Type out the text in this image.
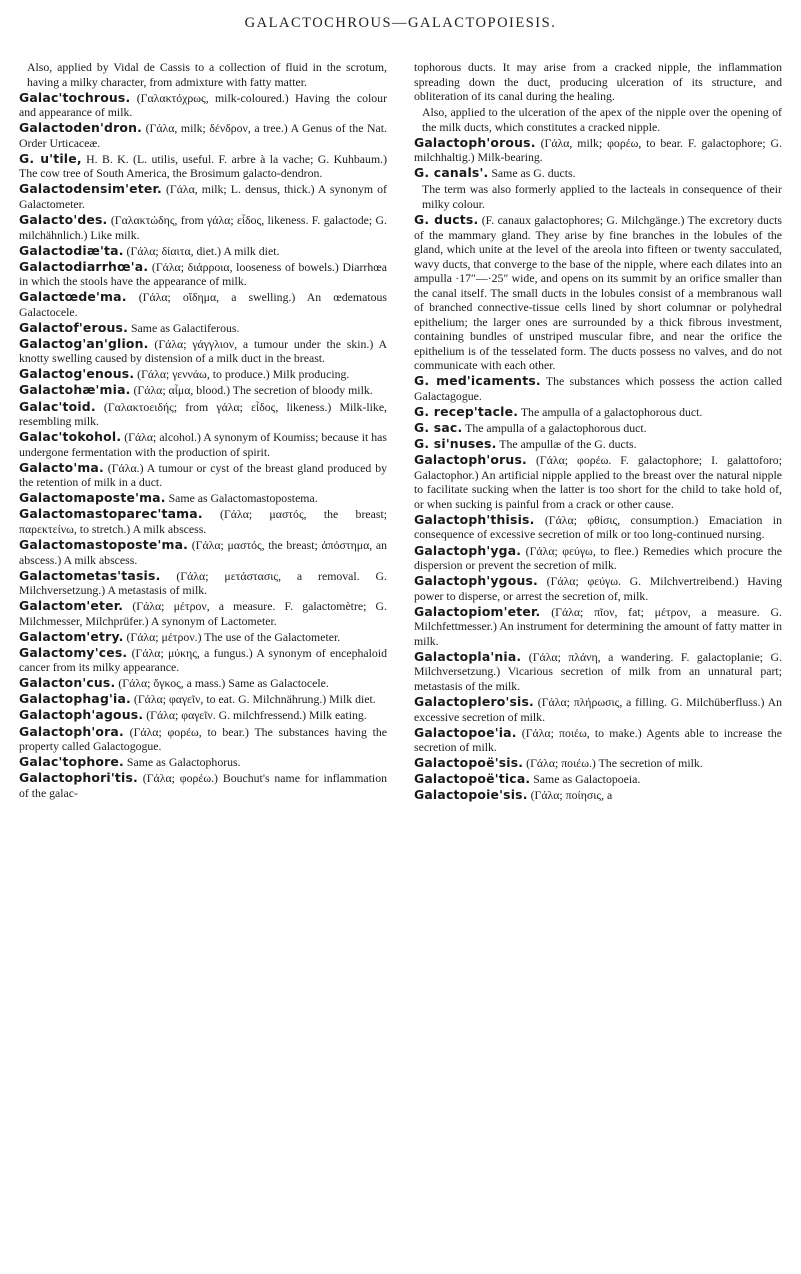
GALACTOCHROUS—GALACTOPOIESIS.

Also, applied by Vidal de Cassis to a collection of fluid in the scrotum, having a milky character, from admixture with fatty matter.

Galac'tochrous. (Γαλακτόχρως, milk-coloured.) Having the colour and appearance of milk.

Galactoden'dron. (Γάλα, milk; δένδρον, a tree.) A Genus of the Nat. Order Urticaceæ.

G. u'tile, H. B. K. (L. utilis, useful. F. arbre à la vache; G. Kuhbaum.) The cow tree of South America, the Brosimum galacto-dendron.

Galactodensim'eter. (Γάλα, milk; L. densus, thick.) A synonym of Galactometer.

Galacto'des. (Γαλακτώδης, from γάλα; εἶδος, likeness. F. galactode; G. milchähnlich.) Like milk.

Galactodiæ'ta. (Γάλα; δίαιτα, diet.) A milk diet.

Galactodiarrhœ'a. (Γάλα; διάρροια, looseness of bowels.) Diarrhœa in which the stools have the appearance of milk.

Galactœde'ma. (Γάλα; οἴδημα, a swelling.) An œdematous Galactocele.

Galactof'erous. Same as Galactiferous.

Galactog'an'glion. (Γάλα; γάγγλιον, a tumour under the skin.) A knotty swelling caused by distension of a milk duct in the breast.

Galactog'enous. (Γάλα; γεννάω, to produce.) Milk producing.

Galactohæ'mia. (Γάλα; αἷμα, blood.) The secretion of bloody milk.

Galac'toid. (Γαλακτοειδής; from γάλα; εἶδος, likeness.) Milk-like, resembling milk.

Galac'tokohol. (Γάλα; alcohol.) A synonym of Koumiss; because it has undergone fermentation with the production of spirit.

Galacto'ma. (Γάλα.) A tumour or cyst of the breast gland produced by the retention of milk in a duct.

Galactomaposte'ma. Same as Galactomastopostema.

Galactomastoparec'tama. (Γάλα; μαστός, the breast; παρεκτείνω, to stretch.) A milk abscess.

Galactomastoposte'ma. (Γάλα; μαστός, the breast; ἀπόστημα, an abscess.) A milk abscess.

Galactometas'tasis. (Γάλα; μετάστασις, a removal. G. Milchversetzung.) A metastasis of milk.

Galactom'eter. (Γάλα; μέτρον, a measure. F. galactomètre; G. Milchmesser, Milchprüfer.) A synonym of Lactometer.

Galactom'etry. (Γάλα; μέτρον.) The use of the Galactometer.

Galactomy'ces. (Γάλα; μύκης, a fungus.) A synonym of encephaloid cancer from its milky appearance.

Galacton'cus. (Γάλα; ὄγκος, a mass.) Same as Galactocele.

Galactophag'ia. (Γάλα; φαγεῖν, to eat. G. Milchnährung.) Milk diet.

Galactoph'agous. (Γάλα; φαγεῖν. G. milchfressend.) Milk eating.

Galactoph'ora. (Γάλα; φορέω, to bear.) The substances having the property called Galactogogue.

Galac'tophore. Same as Galactophorus.

Galactophori'tis. (Γάλα; φορέω.) Bouchut's name for inflammation of the galac-

tophorous ducts. It may arise from a cracked nipple, the inflammation spreading down the duct, producing ulceration of its structure, and obliteration of its canal during the healing.

Also, applied to the ulceration of the apex of the nipple over the opening of the milk ducts, which constitutes a cracked nipple.

Galactoph'orous. (Γάλα, milk; φορέω, to bear. F. galactophore; G. milchhaltig.) Milk-bearing.

G. canals'. Same as G. ducts.

The term was also formerly applied to the lacteals in consequence of their milky colour.

G. ducts. (F. canaux galactophores; G. Milchgänge.) The excretory ducts of the mammary gland. They arise by fine branches in the lobules of the gland, which unite at the level of the areola into fifteen or twenty sacculated, wavy ducts, that converge to the base of the nipple, where each dilates into an ampulla ·17″—·25″ wide, and opens on its summit by an orifice smaller than the canal itself. The small ducts in the lobules consist of a membranous wall of branched connective-tissue cells lined by short columnar or polyhedral epithelium; the larger ones are surrounded by a thick fibrous investment, containing bundles of unstriped muscular fibre, and near the orifice the epithelium is of the tesselated form. The ducts possess no valves, and do not communicate with each other.

G. med'icaments. The substances which possess the action called Galactagogue.

G. recep'tacle. The ampulla of a galactophorous duct.

G. sac. The ampulla of a galactophorous duct.

G. si'nuses. The ampullæ of the G. ducts.

Galactoph'orus. (Γάλα; φορέω. F. galactophore; I. galattoforo; Galactophor.) An artificial nipple applied to the breast over the natural nipple to facilitate sucking when the latter is too short for the child to take hold of, or when sucking is painful from a crack or other cause.

Galactoph'thisis. (Γάλα; φθίσις, consumption.) Emaciation in consequence of excessive secretion of milk or too long-continued nursing.

Galactoph'yga. (Γάλα; φεύγω, to flee.) Remedies which procure the dispersion or prevent the secretion of milk.

Galactoph'ygous. (Γάλα; φεύγω. G. Milchvertreibend.) Having power to disperse, or arrest the secretion of, milk.

Galactopiom'eter. (Γάλα; πῖον, fat; μέτρον, a measure. G. Milchfettmesser.) An instrument for determining the amount of fatty matter in milk.

Galactopla'nia. (Γάλα; πλάνη, a wandering. F. galactoplanie; G. Milchversetzung.) Vicarious secretion of milk from an unnatural part; metastasis of the milk.

Galactoplero'sis. (Γάλα; πλήρωσις, a filling. G. Milchüberfluss.) An excessive secretion of milk.

Galactopoe'ia. (Γάλα; ποιέω, to make.) Agents able to increase the secretion of milk.

Galactopoë'sis. (Γάλα; ποιέω.) The secretion of milk.

Galactopoë'tica. Same as Galactopoeia.

Galactopoie'sis. (Γάλα; ποίησις, a
